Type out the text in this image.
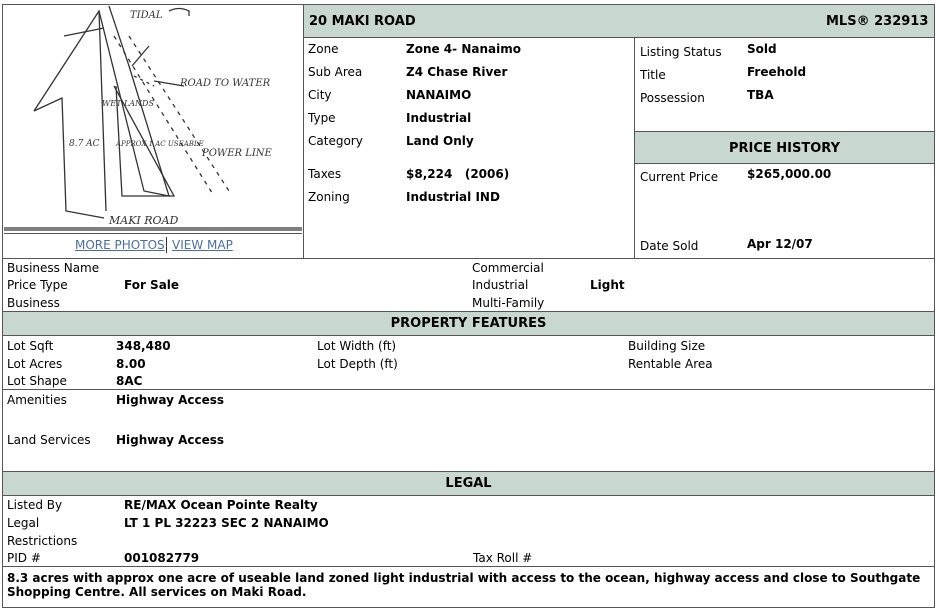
TIDAL
ROAD TO WATER
WET LANDS
8.7 AC APPROX 1 AC USEABLE
POWER LINE
MAKI ROAD
MORE PHOTOS VIEW MAP
20 MAKI ROAD	MLS® 232913
Zone	Zone 4- Nanaimo
Sub Area	Z4 Chase River
City	NANAIMO
Type	Industrial
Category	Land Only
Taxes	$8,224   (2006)
Zoning	Industrial IND
Listing Status Sold
Title	Freehold
Possession	TBA
PRICE HISTORY
Current Price $265,000.00
Date Sold	Apr 12/07
Business Name
Price Type	For Sale
Business
Commercial
Industrial	Light
Multi-Family
PROPERTY FEATURES
Lot Sqft	348,480
Lot Acres	8.00
Lot Shape	8AC
Lot Width (ft)
Lot Depth (ft)
Building Size
Rentable Area
Amenities	Highway Access
Land Services Highway Access
LEGAL
Listed By	RE/MAX Ocean Pointe Realty
Legal	LT 1 PL 32223 SEC 2 NANAIMO
Restrictions
PID #	001082779	Tax Roll #
8.3 acres with approx one acre of useable land zoned light industrial with access to the ocean, highway access and close to Southgate Shopping Centre. All services on Maki Road.
